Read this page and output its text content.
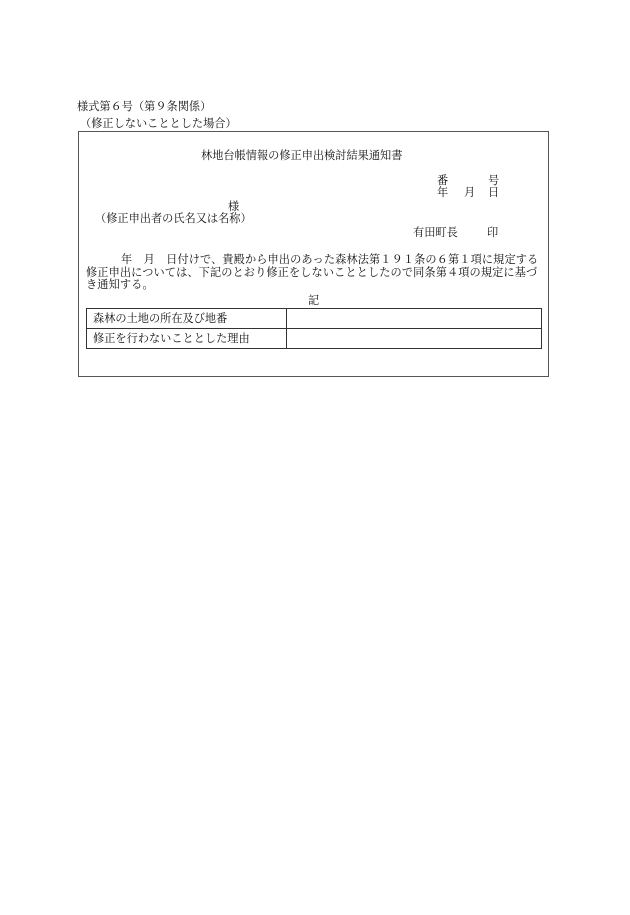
様式第６号（第９条関係）
（修正しないこととした場合）
林地台帳情報の修正申出検討結果通知書
番	号
年 月 日
様
（修正申出者の氏名又は名称）
有田町長	印
年　月　日付けで、貴殿から申出のあった森林法第１９１条の６第１項に規定する修正申出については、下記のとおり修正をしないこととしたので同条第４項の規定に基づき通知する。
記
森林の土地の所在及び地番	
修正を行わないこととした理由	
